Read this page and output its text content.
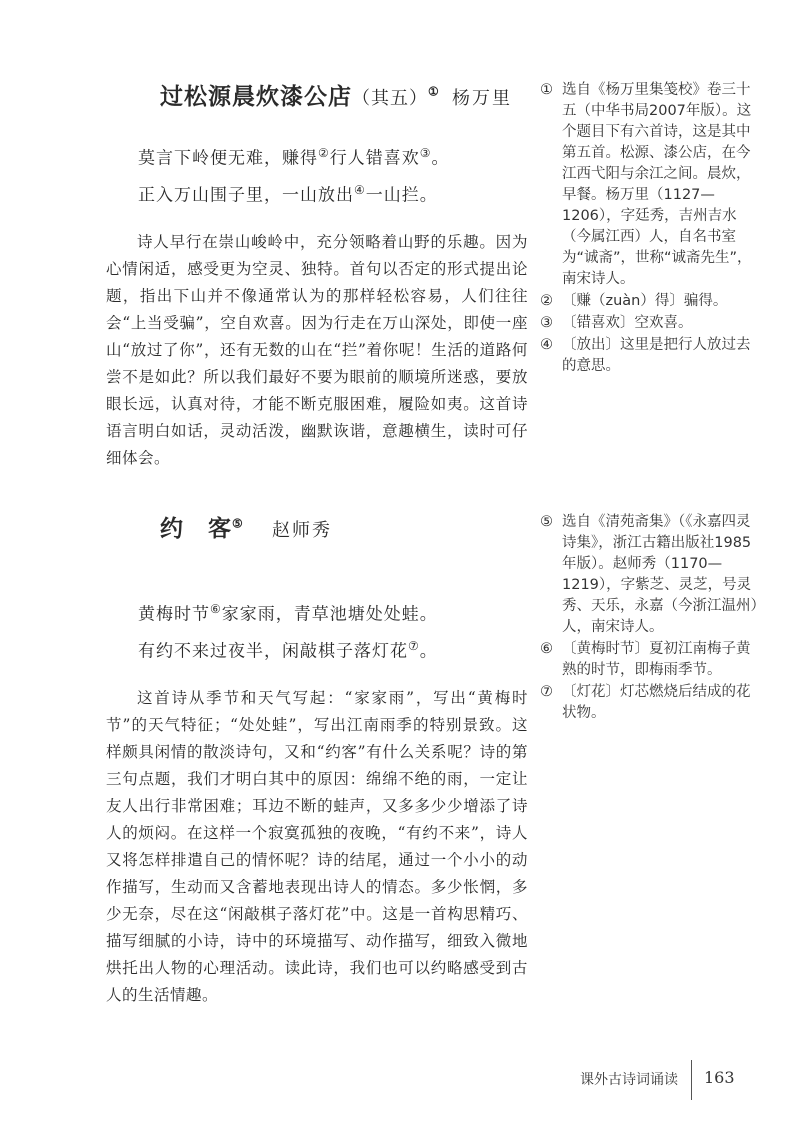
过松源晨炊漆公店（其五）① 杨万里
莫言下岭便无难，赚得②行人错喜欢③。
正入万山围子里，一山放出④一山拦。

诗人早行在崇山峻岭中，充分领略着山野的乐趣。因为心情闲适，感受更为空灵、独特。首句以否定的形式提出论题，指出下山并不像通常认为的那样轻松容易，人们往往会“上当受骗”，空自欢喜。因为行走在万山深处，即使一座山“放过了你”，还有无数的山在“拦”着你呢！生活的道路何尝不是如此？所以我们最好不要为眼前的顺境所迷惑，要放眼长远，认真对待，才能不断克服困难，履险如夷。这首诗语言明白如话，灵动活泼，幽默诙谐，意趣横生，读时可仔细体会。

① 选自《杨万里集笺校》卷三十五（中华书局2007年版）。这个题目下有六首诗，这是其中第五首。松源、漆公店，在今江西弋阳与余江之间。晨炊，早餐。杨万里（1127—1206），字廷秀，吉州吉水（今属江西）人，自名书室为“诚斋”，世称“诚斋先生”，南宋诗人。
② 〔赚（zuàn）得〕骗得。
③ 〔错喜欢〕空欢喜。
④ 〔放出〕这里是把行人放过去的意思。
约　客⑤ 赵师秀
黄梅时节⑥家家雨，青草池塘处处蛙。
有约不来过夜半，闲敲棋子落灯花⑦。

这首诗从季节和天气写起：“家家雨”，写出“黄梅时节”的天气特征；“处处蛙”，写出江南雨季的特别景致。这样颇具闲情的散淡诗句，又和“约客”有什么关系呢？诗的第三句点题，我们才明白其中的原因：绵绵不绝的雨，一定让友人出行非常困难；耳边不断的蛙声，又多多少少增添了诗人的烦闷。在这样一个寂寞孤独的夜晚，“有约不来”，诗人又将怎样排遣自己的情怀呢？诗的结尾，通过一个小小的动作描写，生动而又含蓄地表现出诗人的情态。多少怅惘，多少无奈，尽在这“闲敲棋子落灯花”中。这是一首构思精巧、描写细腻的小诗，诗中的环境描写、动作描写，细致入微地烘托出人物的心理活动。读此诗，我们也可以约略感受到古人的生活情趣。

⑤ 选自《清苑斋集》（《永嘉四灵诗集》，浙江古籍出版社1985年版）。赵师秀（1170—1219），字紫芝、灵芝，号灵秀、天乐，永嘉（今浙江温州）人，南宋诗人。
⑥ 〔黄梅时节〕夏初江南梅子黄熟的时节，即梅雨季节。
⑦ 〔灯花〕灯芯燃烧后结成的花状物。
课外古诗词诵读 163
